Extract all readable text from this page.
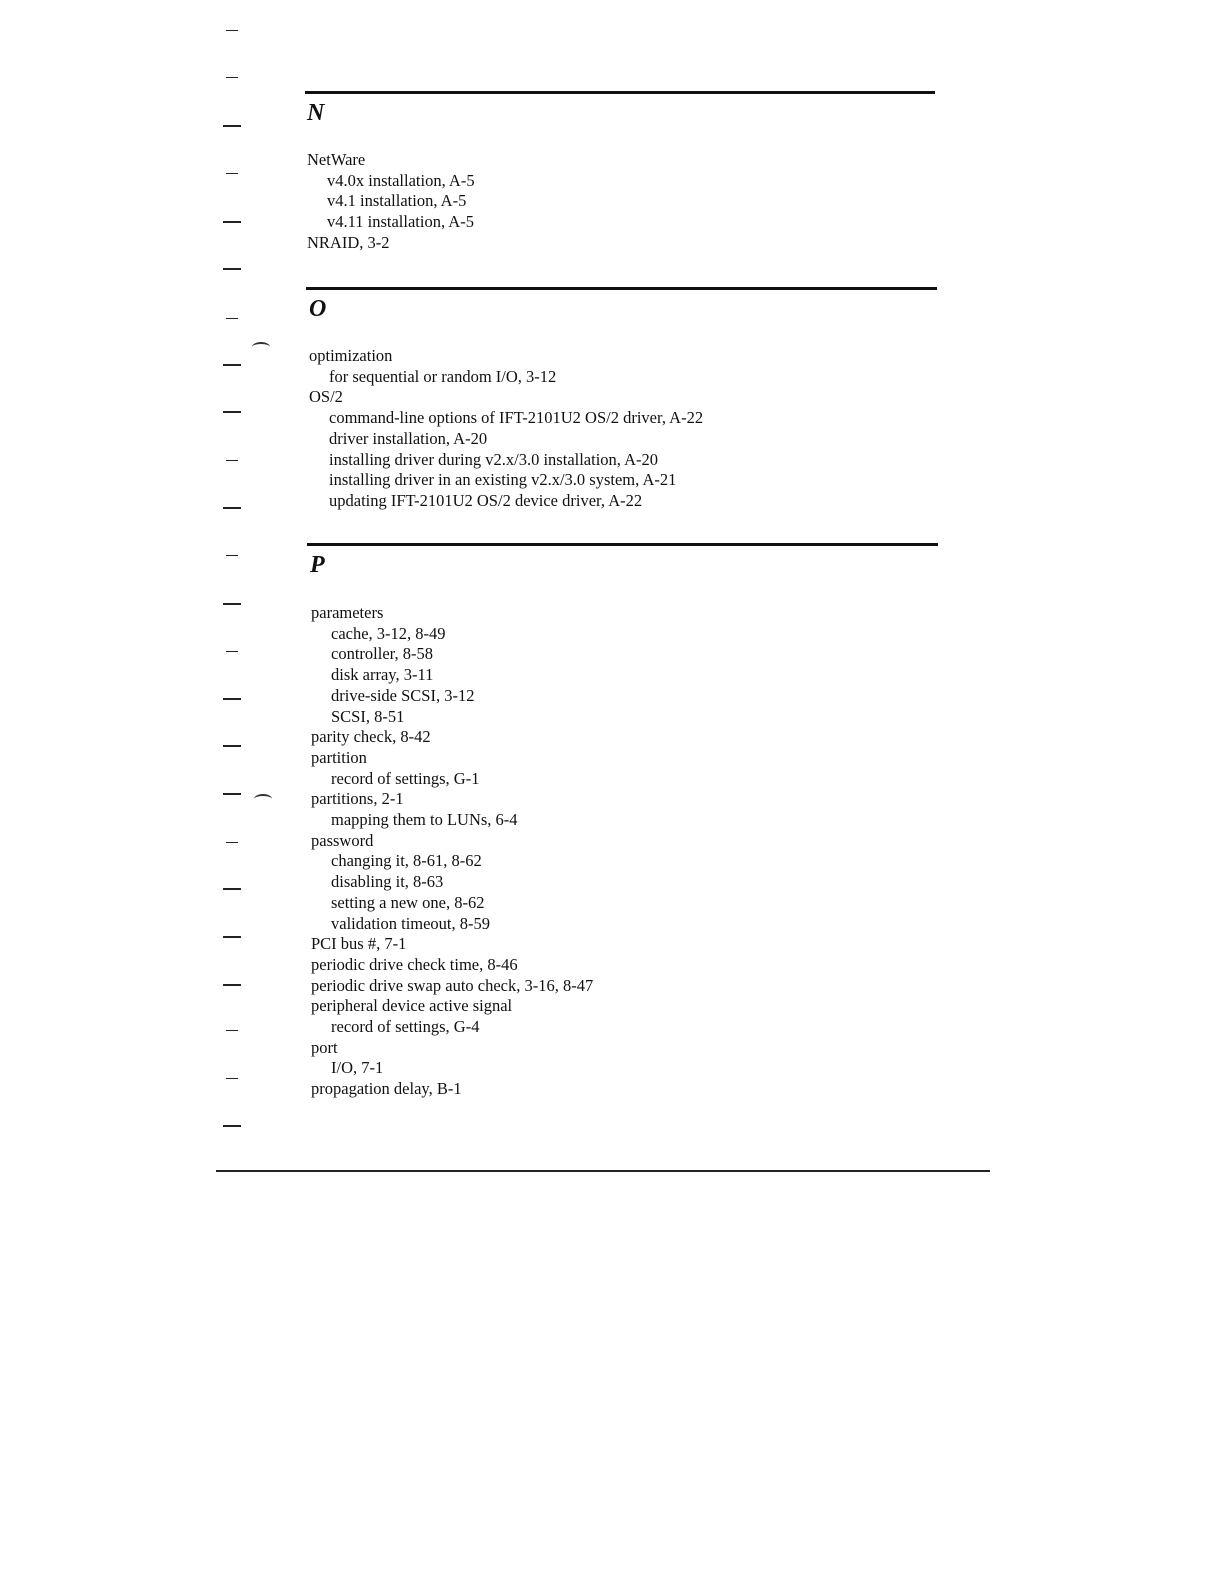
N
NetWare
v4.0x installation, A-5
v4.1 installation, A-5
v4.11 installation, A-5
NRAID, 3-2
O
optimization
for sequential or random I/O, 3-12
OS/2
command-line options of IFT-2101U2 OS/2 driver, A-22
driver installation, A-20
installing driver during v2.x/3.0 installation, A-20
installing driver in an existing v2.x/3.0 system, A-21
updating IFT-2101U2 OS/2 device driver, A-22
P
parameters
cache, 3-12, 8-49
controller, 8-58
disk array, 3-11
drive-side SCSI, 3-12
SCSI, 8-51
parity check, 8-42
partition
record of settings, G-1
partitions, 2-1
mapping them to LUNs, 6-4
password
changing it, 8-61, 8-62
disabling it, 8-63
setting a new one, 8-62
validation timeout, 8-59
PCI bus #, 7-1
periodic drive check time, 8-46
periodic drive swap auto check, 3-16, 8-47
peripheral device active signal
record of settings, G-4
port
I/O, 7-1
propagation delay, B-1
